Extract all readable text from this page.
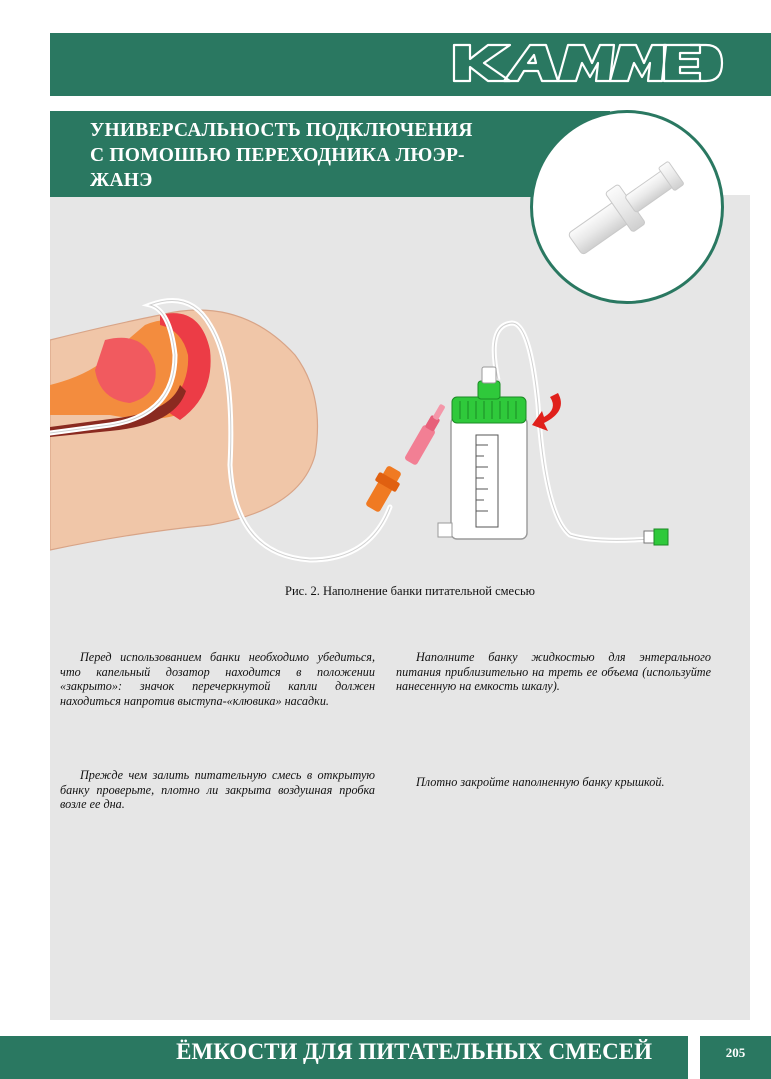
KAMMED
УНИВЕРСАЛЬНОСТЬ ПОДКЛЮЧЕНИЯ
С ПОМОШЬЮ ПЕРЕХОДНИКА ЛЮЭР-
ЖАНЭ
Рис. 2. Наполнение банки питательной смесью

Перед использованием банки необходимо убедиться, что капельный дозатор находится в положении «закрыто»: значок перечеркнутой капли должен находиться напротив выступа-«клювика» насадки.

Прежде чем залить питательную смесь в открытую банку проверьте, плотно ли закрыта воздушная пробка возле ее дна.

Наполните банку жидкостью для энтерального питания приблизительно на треть ее объема (используйте нанесенную на емкость шкалу).

Плотно закройте наполненную банку крышкой.

ЁМКОСТИ ДЛЯ ПИТАТЕЛЬНЫХ СМЕСЕЙ	205
